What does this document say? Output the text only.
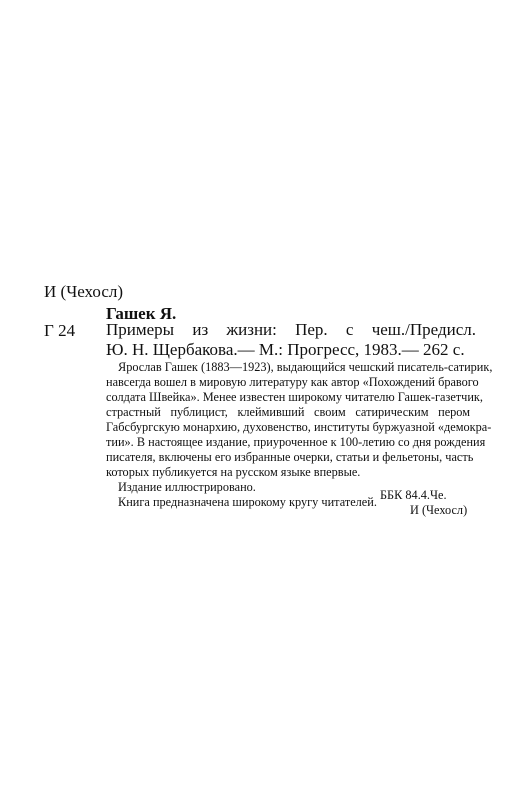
И (Чехосл)
Гашек Я.
Г 24 Примеры из жизни: Пер. с чеш./Предисл.
Ю. Н. Щербакова.— М.: Прогресс, 1983.— 262 с.
Ярослав Гашек (1883—1923), выдающийся чешский писатель-сатирик,
навсегда вошел в мировую литературу как автор «Похождений бравого
солдата Швейка». Менее известен широкому читателю Гашек-газетчик,
страстный публицист, клеймивший своим сатирическим пером
Габсбургскую монархию, духовенство, институты буржуазной «демокра-
тии». В настоящее издание, приуроченное к 100-летию со дня рождения
писателя, включены его избранные очерки, статьи и фельетоны, часть
которых публикуется на русском языке впервые.
Издание иллюстрировано.
Книга предназначена широкому кругу читателей. ББК 84.4.Че.
И (Чехосл)
